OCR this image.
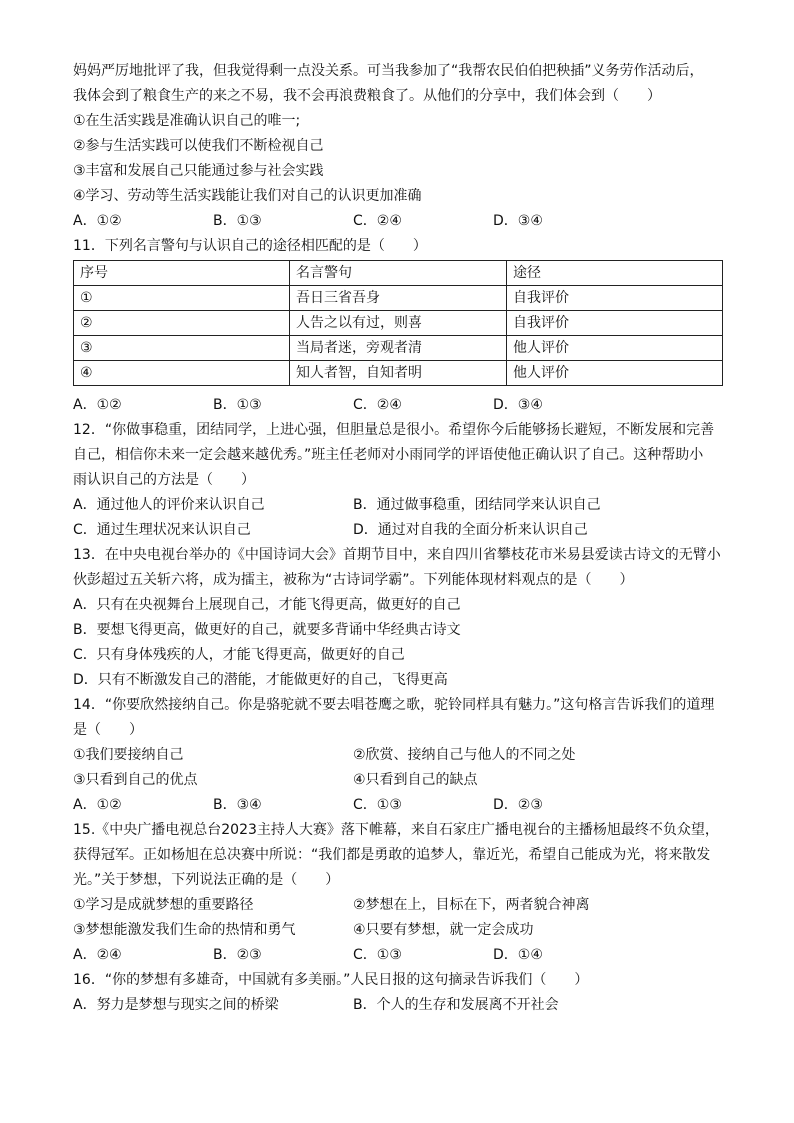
妈妈严厉地批评了我，但我觉得剩一点没关系。可当我参加了“我帮农民伯伯把秧插”义务劳作活动后，
我体会到了粮食生产的来之不易，我不会再浪费粮食了。从他们的分享中，我们体会到（　　）
①在生活实践是准确认识自己的唯一;
②参与生活实践可以使我们不断检视自己
③丰富和发展自己只能通过参与社会实践
④学习、劳动等生活实践能让我们对自己的认识更加准确
A．①②	B．①③	C．②④	D．③④
11．下列名言警句与认识自己的途径相匹配的是（　　）
序号	名言警句	途径
①	吾日三省吾身	自我评价
②	人告之以有过，则喜	自我评价
③	当局者迷，旁观者清	他人评价
④	知人者智，自知者明	他人评价
A．①②	B．①③	C．②④	D．③④
12．“你做事稳重，团结同学，上进心强，但胆量总是很小。希望你今后能够扬长避短，不断发展和完善
自己，相信你未来一定会越来越优秀。”班主任老师对小雨同学的评语使他正确认识了自己。这种帮助小
雨认识自己的方法是（　　）
A．通过他人的评价来认识自己	B．通过做事稳重，团结同学来认识自己
C．通过生理状况来认识自己	D．通过对自我的全面分析来认识自己
13．在中央电视台举办的《中国诗词大会》首期节目中，来自四川省攀枝花市米易县爱读古诗文的无臂小
伙彭超过五关斩六将，成为擂主，被称为“古诗词学霸”。下列能体现材料观点的是（　　）
A．只有在央视舞台上展现自己，才能飞得更高，做更好的自己
B．要想飞得更高，做更好的自己，就要多背诵中华经典古诗文
C．只有身体残疾的人，才能飞得更高，做更好的自己
D．只有不断激发自己的潜能，才能做更好的自己，飞得更高
14．“你要欣然接纳自己。你是骆驼就不要去唱苍鹰之歌，驼铃同样具有魅力。”这句格言告诉我们的道理
是（　　）
①我们要接纳自己	②欣赏、接纳自己与他人的不同之处
③只看到自己的优点	④只看到自己的缺点
A．①②	B．③④	C．①③	D．②③
15.《中央广播电视总台2023主持人大赛》落下帷幕，来自石家庄广播电视台的主播杨旭最终不负众望，
获得冠军。正如杨旭在总决赛中所说：“我们都是勇敢的追梦人，靠近光，希望自己能成为光，将来散发
光。”关于梦想，下列说法正确的是（　　）
①学习是成就梦想的重要路径	②梦想在上，目标在下，两者貌合神离
③梦想能激发我们生命的热情和勇气	④只要有梦想，就一定会成功
A．②④	B．②③	C．①③	D．①④
16．“你的梦想有多雄奇，中国就有多美丽。”人民日报的这句摘录告诉我们（　　）
A．努力是梦想与现实之间的桥梁	B．个人的生存和发展离不开社会
